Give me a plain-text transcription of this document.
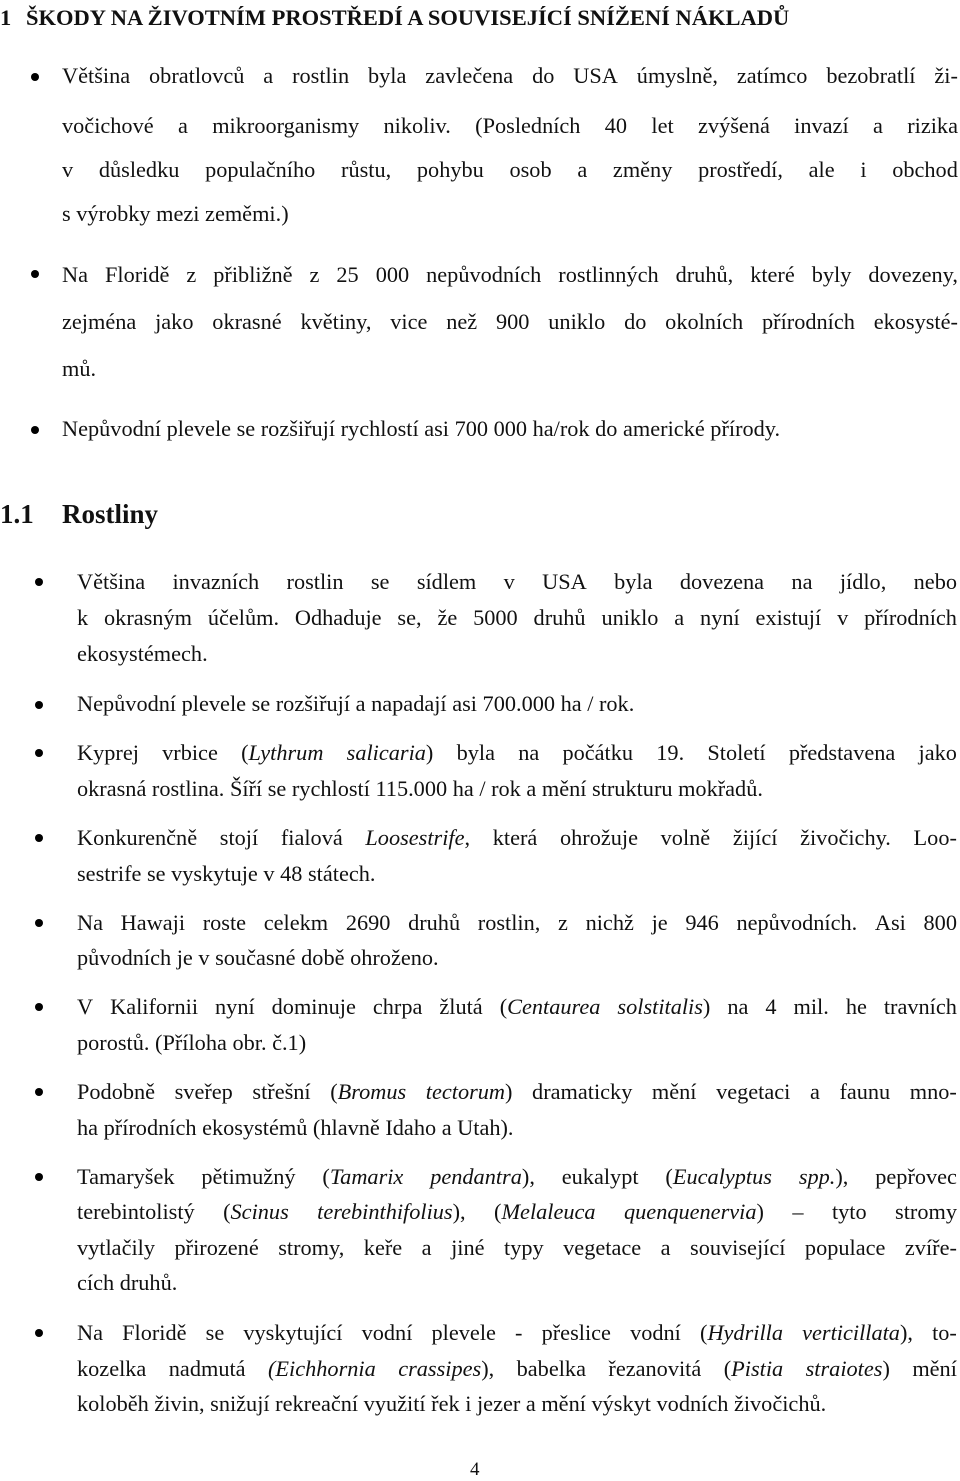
1 ŠKODY NA ŽIVOTNÍM PROSTŘEDÍ A SOUVISEJÍCÍ SNÍŽENÍ NÁKLADŮ
Většina obratlovců a rostlin byla zavlečena do USA úmyslně, zatímco bezobratlí ži-
vočichové a mikroorganismy nikoliv. (Posledních 40 let zvýšená invazí a rizika
v důsledku populačního růstu, pohybu osob a změny prostředí, ale i obchod
s výrobky mezi zeměmi.)
Na Floridě z přibližně z 25 000 nepůvodních rostlinných druhů, které byly dovezeny,
zejména jako okrasné květiny, vice než 900 uniklo do okolních přírodních ekosysté-
mů.
Nepůvodní plevele se rozšiřují rychlostí asi 700 000 ha/rok do americké přírody.
1.1 Rostliny
Většina invazních rostlin se sídlem v USA byla dovezena na jídlo, nebo
k okrasným účelům. Odhaduje se, že 5000 druhů uniklo a nyní existují v přírodních
ekosystémech.
Nepůvodní plevele se rozšiřují a napadají asi 700.000 ha / rok.
Kyprej vrbice (Lythrum salicaria) byla na počátku 19. Století představena jako
okrasná rostlina. Šíří se rychlostí 115.000 ha / rok a mění strukturu mokřadů.
Konkurenčně stojí fialová Loosestrife, která ohrožuje volně žijící živočichy. Loo-
sestrife se vyskytuje v 48 státech.
Na Hawaji roste celekm 2690 druhů rostlin, z nichž je 946 nepůvodních. Asi 800
původních je v současné době ohroženo.
V Kalifornii nyní dominuje chrpa žlutá (Centaurea solstitalis) na 4 mil. he travních
porostů. (Příloha obr. č.1)
Podobně sveřep střešní (Bromus tectorum) dramaticky mění vegetaci a faunu mno-
ha přírodních ekosystémů (hlavně Idaho a Utah).
Tamaryšek pětimužný (Tamarix pendantra), eukalypt (Eucalyptus spp.), pepřovec
terebintolistý (Scinus terebinthifolius), (Melaleuca quenquenervia) – tyto stromy
vytlačily přirozené stromy, keře a jiné typy vegetace a související populace zvíře-
cích druhů.
Na Floridě se vyskytující vodní plevele - přeslice vodní (Hydrilla verticillata), to-
kozelka nadmutá (Eichhornia crassipes), babelka řezanovitá (Pistia straiotes) mění
koloběh živin, snižují rekreační využití řek i jezer a mění výskyt vodních živočichů.
4
